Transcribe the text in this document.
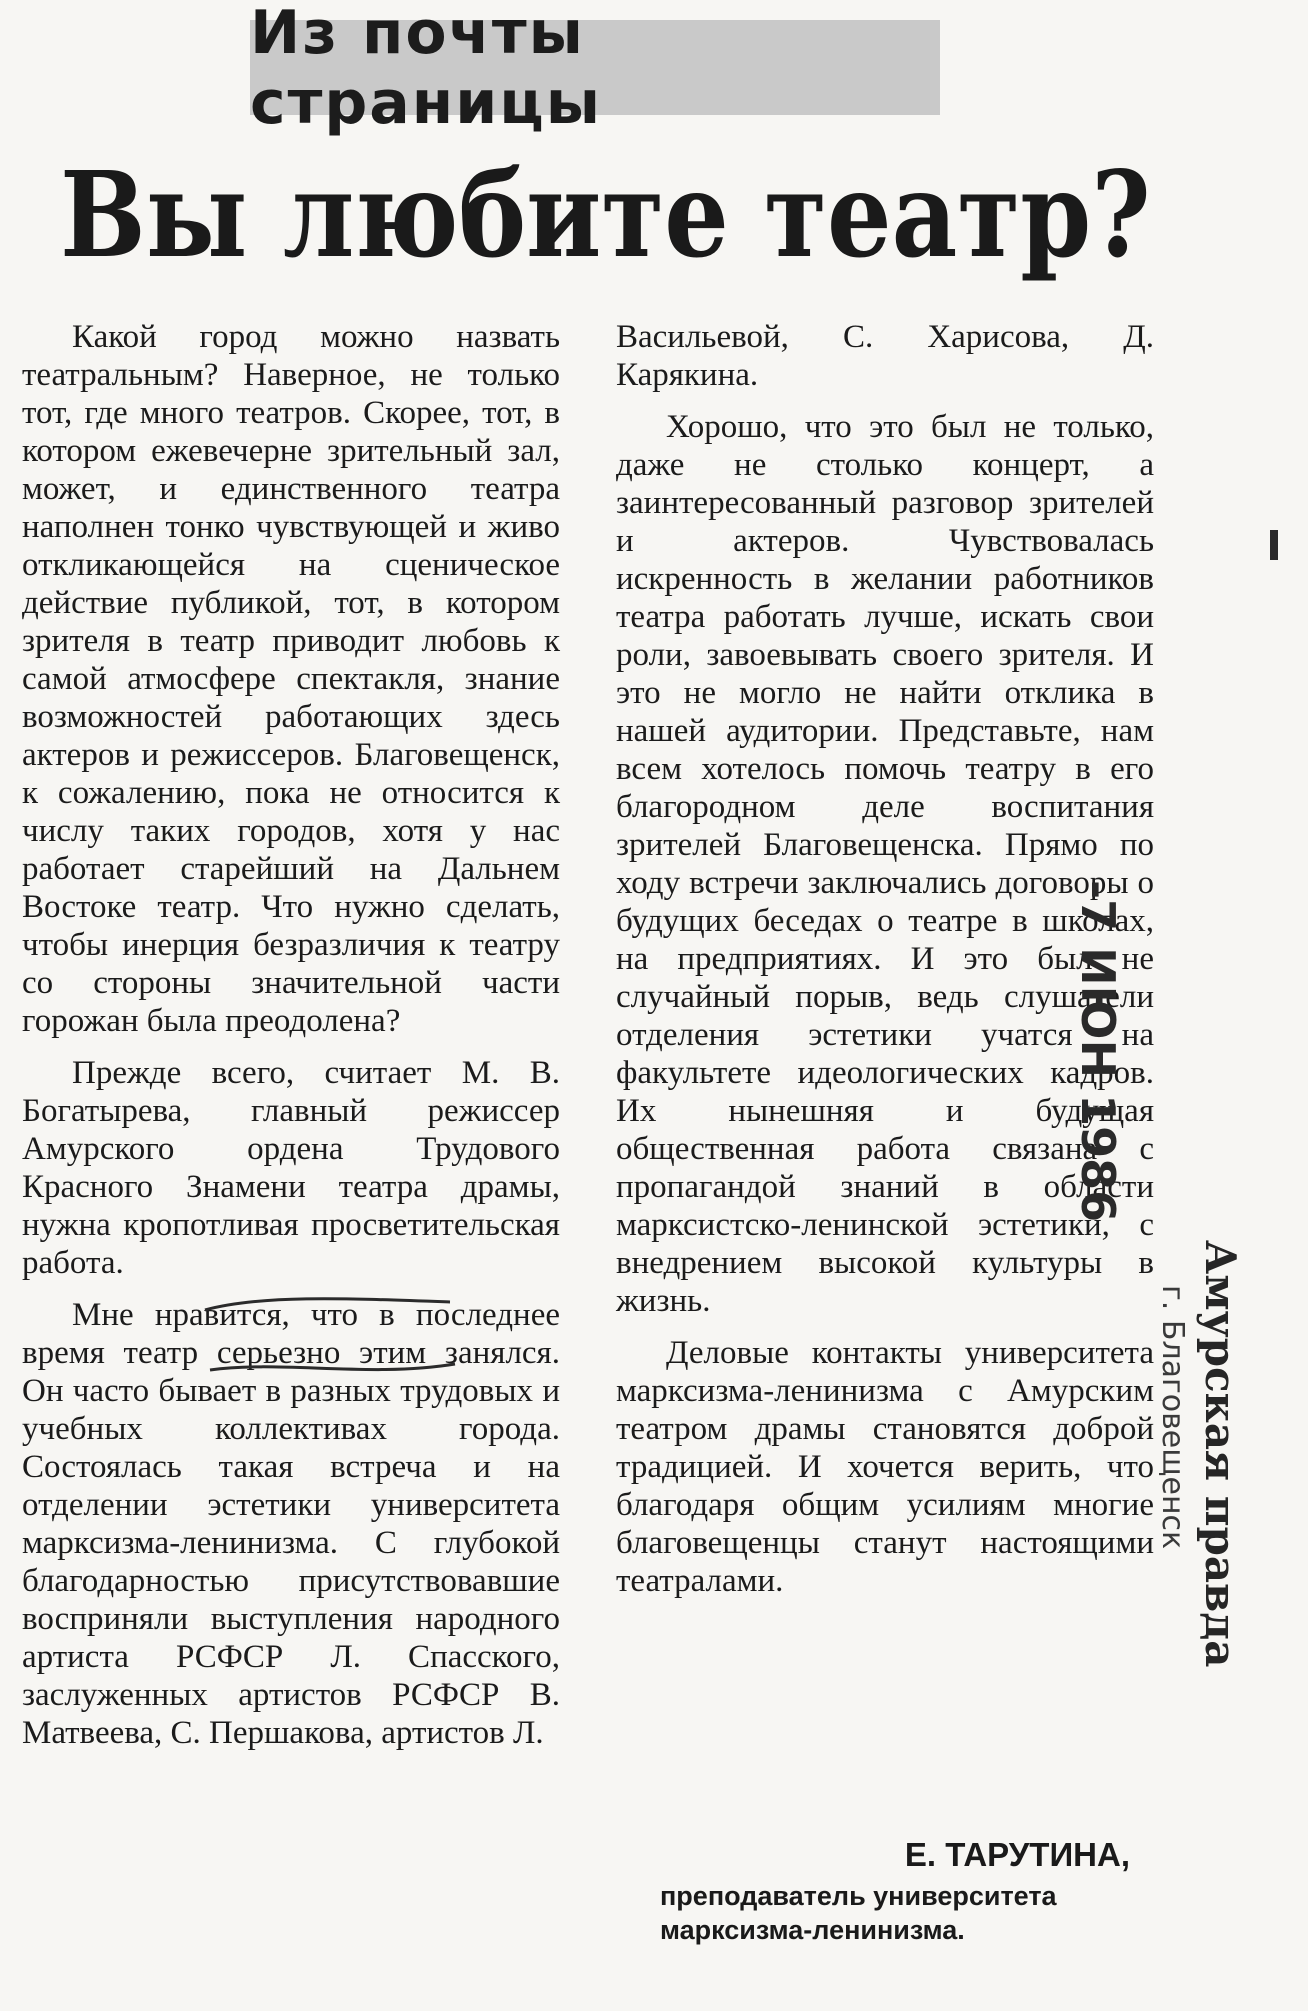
Из почты страницы
Вы любите театр?

Какой город можно назвать театральным? Наверное, не только тот, где много театров. Скорее, тот, в котором ежевечерне зрительный зал, может, и единственного театра наполнен тонко чувствующей и живо откликающейся на сценическое действие публикой, тот, в котором зрителя в театр приводит любовь к самой атмосфере спектакля, знание возможностей работающих здесь актеров и режиссеров. Благовещенск, к сожалению, пока не относится к числу таких городов, хотя у нас работает старейший на Дальнем Востоке театр. Что нужно сделать, чтобы инерция безразличия к театру со стороны значительной части горожан была преодолена?

Прежде всего, считает М. В. Богатырева, главный режиссер Амурского ордена Трудового Красного Знамени театра драмы, нужна кропотливая просветительская работа.

Мне нравится, что в последнее время театр серьезно этим занялся. Он часто бывает в разных трудовых и учебных коллективах города. Состоялась такая встреча и на отделении эстетики университета марксизма-ленинизма. С глубокой благодарностью присутствовавшие восприняли выступления народного артиста РСФСР Л. Спасского, заслуженных артистов РСФСР В. Матвеева, С. Першакова, артистов Л.

Васильевой, С. Харисова, Д. Карякина.

Хорошо, что это был не только, даже не столько концерт, а заинтересованный разговор зрителей и актеров. Чувствовалась искренность в желании работников театра работать лучше, искать свои роли, завоевывать своего зрителя. И это не могло не найти отклика в нашей аудитории. Представьте, нам всем хотелось помочь театру в его благородном деле воспитания зрителей Благовещенска. Прямо по ходу встречи заключались договоры о будущих беседах о театре в школах, на предприятиях. И это был не случайный порыв, ведь слушатели отделения эстетики учатся на факультете идеологических кадров. Их нынешняя и будущая общественная работа связана с пропагандой знаний в области марксистско-ленинской эстетики, с внедрением высокой культуры в жизнь.

Деловые контакты университета марксизма-ленинизма с Амурским театром драмы становятся доброй традицией. И хочется верить, что благодаря общим усилиям многие благовещенцы станут настоящими театралами.

Е. ТАРУТИНА,

преподаватель университета марксизма-ленинизма.

-7 ИЮН 1986
Амурская правда
г. Благовещенск
